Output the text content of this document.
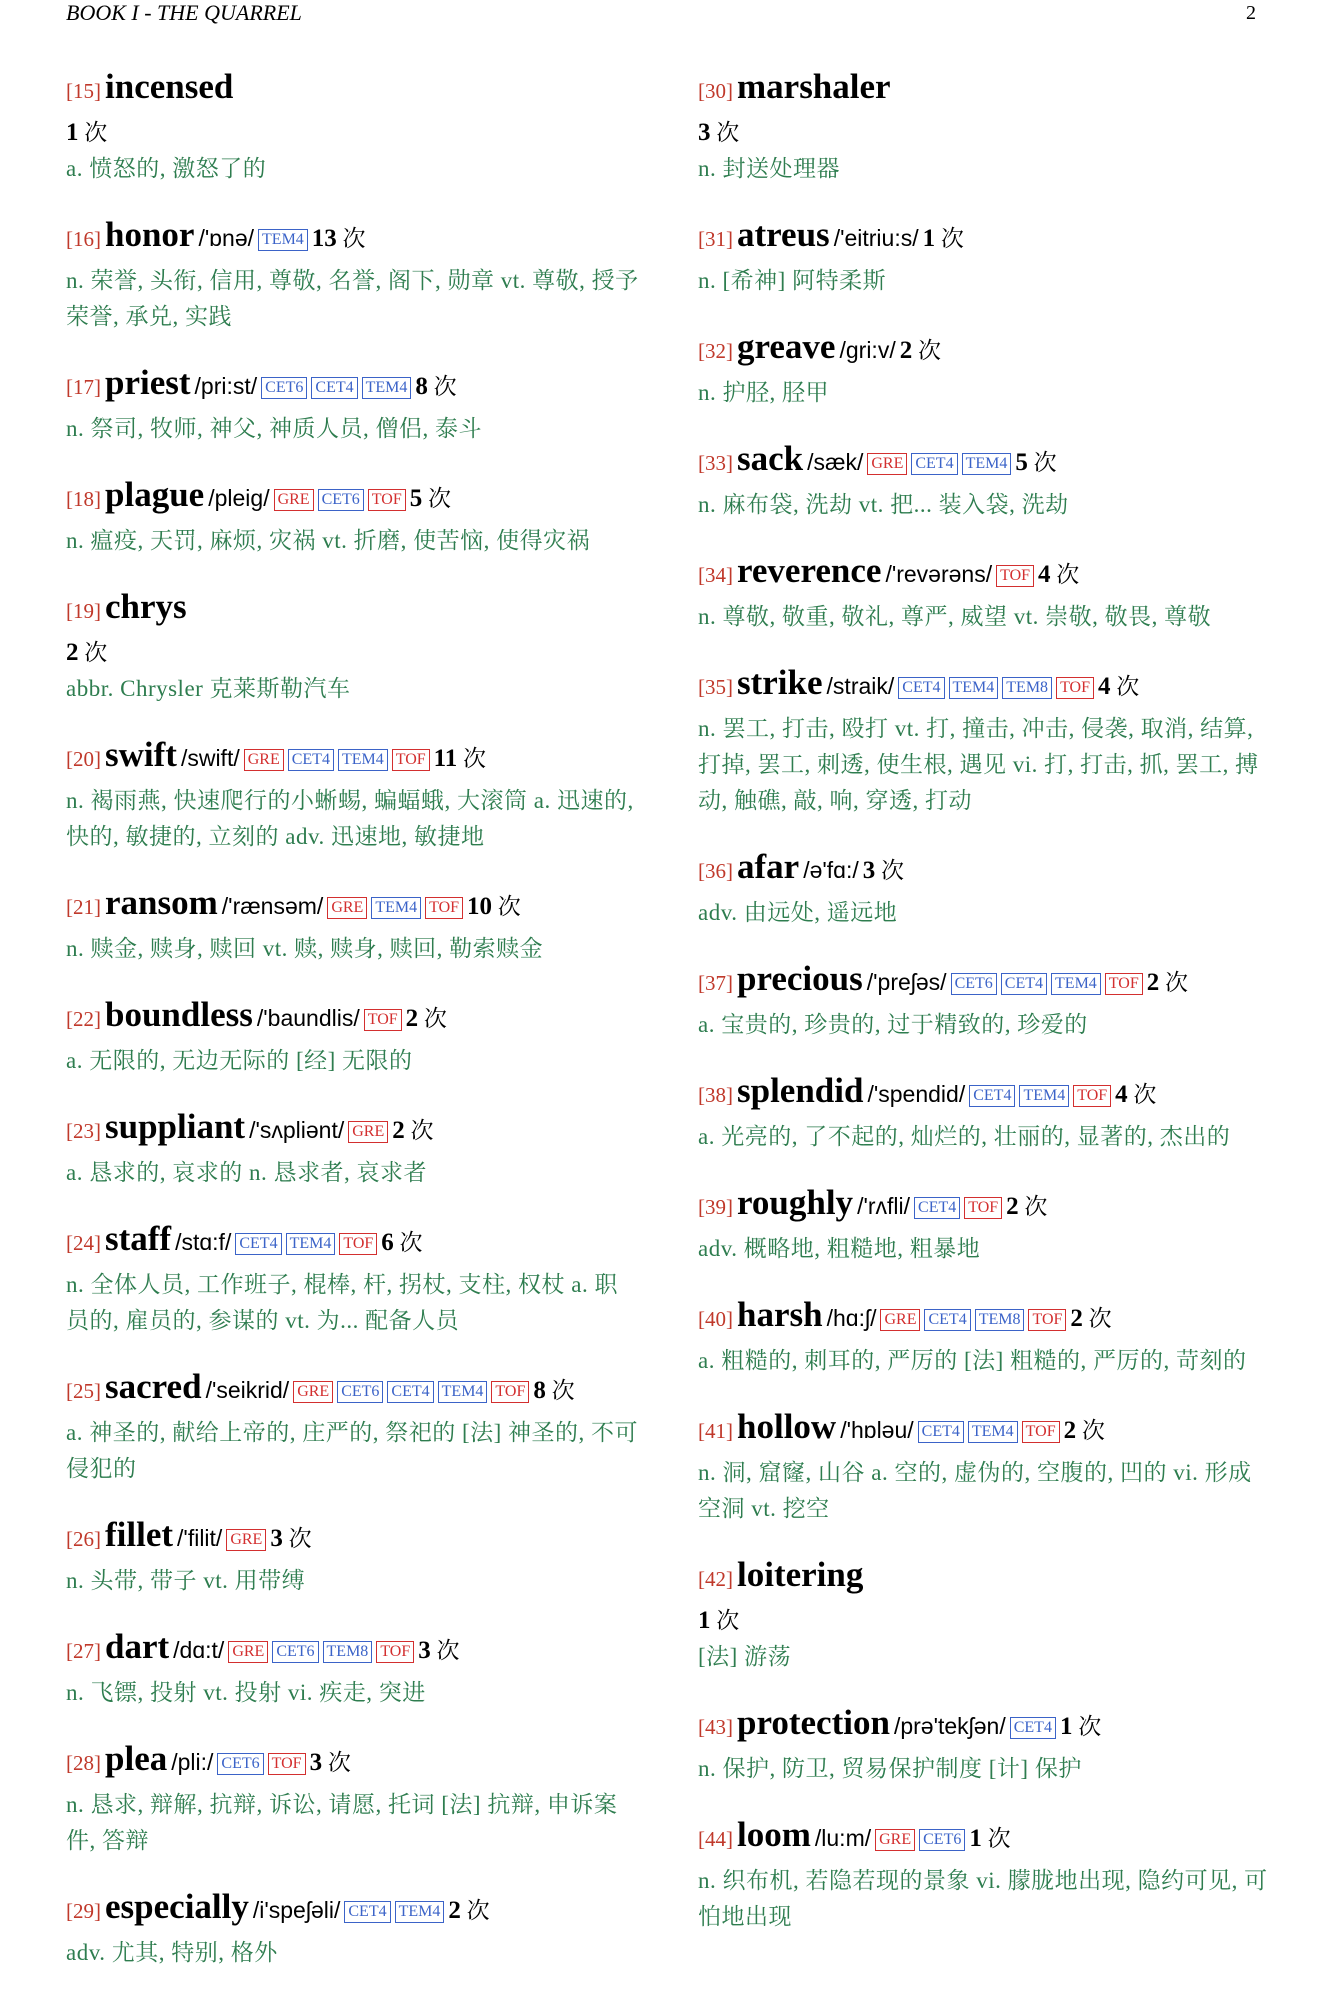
BOOK I - THE QUARREL	2
[15] incensed
1 次
a. 愤怒的, 激怒了的
[16] honor /'ɒnə/ TEM4 13 次
n. 荣誉, 头衔, 信用, 尊敬, 名誉, 阁下, 勋章 vt. 尊敬, 授予荣誉, 承兑, 实践
[17] priest /pri:st/ CET6 CET4 TEM4 8 次
n. 祭司, 牧师, 神父, 神质人员, 僧侣, 泰斗
[18] plague /pleig/ GRE CET6 TOF 5 次
n. 瘟疫, 天罚, 麻烦, 灾祸 vt. 折磨, 使苦恼, 使得灾祸
[19] chrys
2 次
abbr. Chrysler 克莱斯勒汽车
[20] swift /swift/ GRE CET4 TEM4 TOF 11 次
n. 褐雨燕, 快速爬行的小蜥蜴, 蝙蝠蛾, 大滚筒 a. 迅速的, 快的, 敏捷的, 立刻的 adv. 迅速地, 敏捷地
[21] ransom /'rænsəm/ GRE TEM4 TOF 10 次
n. 赎金, 赎身, 赎回 vt. 赎, 赎身, 赎回, 勒索赎金
[22] boundless /'baundlis/ TOF 2 次
a. 无限的, 无边无际的 [经] 无限的
[23] suppliant /'sʌpliənt/ GRE 2 次
a. 恳求的, 哀求的 n. 恳求者, 哀求者
[24] staff /stɑ:f/ CET4 TEM4 TOF 6 次
n. 全体人员, 工作班子, 棍棒, 杆, 拐杖, 支柱, 权杖 a. 职员的, 雇员的, 参谋的 vt. 为... 配备人员
[25] sacred /'seikrid/ GRE CET6 CET4 TEM4 TOF 8 次
a. 神圣的, 献给上帝的, 庄严的, 祭祀的 [法] 神圣的, 不可侵犯的
[26] fillet /'filit/ GRE 3 次
n. 头带, 带子 vt. 用带缚
[27] dart /dɑ:t/ GRE CET6 TEM8 TOF 3 次
n. 飞镖, 投射 vt. 投射 vi. 疾走, 突进
[28] plea /pli:/ CET6 TOF 3 次
n. 恳求, 辩解, 抗辩, 诉讼, 请愿, 托词 [法] 抗辩, 申诉案件, 答辩
[29] especially /i'speʃəli/ CET4 TEM4 2 次
adv. 尤其, 特别, 格外
[30] marshaler
3 次
n. 封送处理器
[31] atreus /'eitriu:s/ 1 次
n. [希神] 阿特柔斯
[32] greave /gri:v/ 2 次
n. 护胫, 胫甲
[33] sack /sæk/ GRE CET4 TEM4 5 次
n. 麻布袋, 洗劫 vt. 把... 装入袋, 洗劫
[34] reverence /'revərəns/ TOF 4 次
n. 尊敬, 敬重, 敬礼, 尊严, 威望 vt. 崇敬, 敬畏, 尊敬
[35] strike /straik/ CET4 TEM4 TEM8 TOF 4 次
n. 罢工, 打击, 殴打 vt. 打, 撞击, 冲击, 侵袭, 取消, 结算, 打掉, 罢工, 刺透, 使生根, 遇见 vi. 打, 打击, 抓, 罢工, 搏动, 触礁, 敲, 响, 穿透, 打动
[36] afar /ə'fɑ:/ 3 次
adv. 由远处, 遥远地
[37] precious /'preʃəs/ CET6 CET4 TEM4 TOF 2 次
a. 宝贵的, 珍贵的, 过于精致的, 珍爱的
[38] splendid /'spendid/ CET4 TEM4 TOF 4 次
a. 光亮的, 了不起的, 灿烂的, 壮丽的, 显著的, 杰出的
[39] roughly /'rʌfli/ CET4 TOF 2 次
adv. 概略地, 粗糙地, 粗暴地
[40] harsh /hɑ:ʃ/ GRE CET4 TEM8 TOF 2 次
a. 粗糙的, 刺耳的, 严厉的 [法] 粗糙的, 严厉的, 苛刻的
[41] hollow /'hɒləu/ CET4 TEM4 TOF 2 次
n. 洞, 窟窿, 山谷 a. 空的, 虚伪的, 空腹的, 凹的 vi. 形成空洞 vt. 挖空
[42] loitering
1 次
[法] 游荡
[43] protection /prə'tekʃən/ CET4 1 次
n. 保护, 防卫, 贸易保护制度 [计] 保护
[44] loom /lu:m/ GRE CET6 1 次
n. 织布机, 若隐若现的景象 vi. 朦胧地出现, 隐约可见, 可怕地出现
